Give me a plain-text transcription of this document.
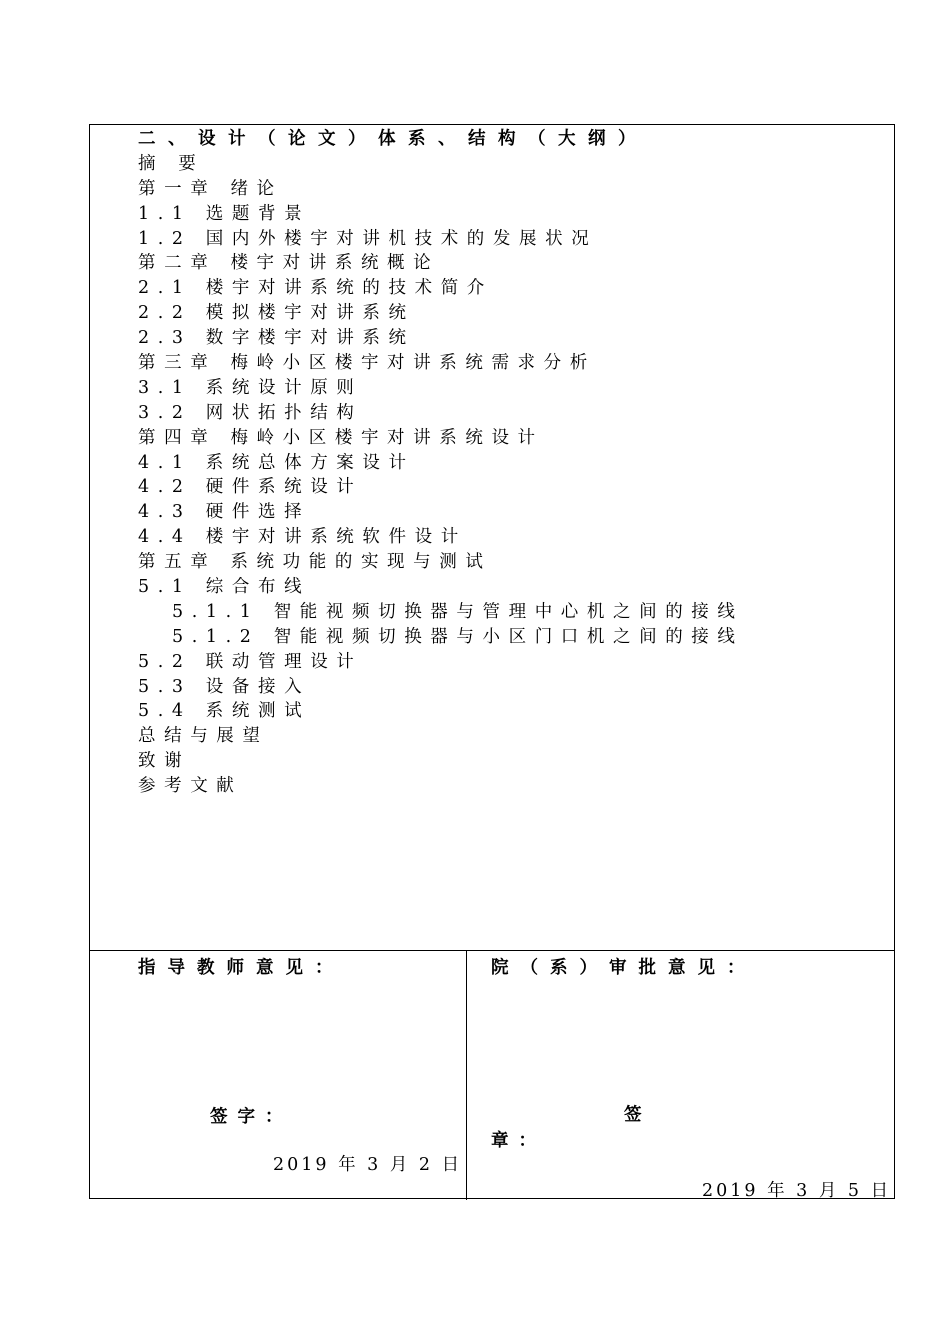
二、设计（论文）体系、结构（大纲）
摘 要
第一章 绪论
1.1 选题背景
1.2 国内外楼宇对讲机技术的发展状况
第二章 楼宇对讲系统概论
2.1 楼宇对讲系统的技术简介
2.2 模拟楼宇对讲系统
2.3 数字楼宇对讲系统
第三章 梅岭小区楼宇对讲系统需求分析
3.1 系统设计原则
3.2 网状拓扑结构
第四章 梅岭小区楼宇对讲系统设计
4.1 系统总体方案设计
4.2 硬件系统设计
4.3 硬件选择
4.4 楼宇对讲系统软件设计
第五章 系统功能的实现与测试
5.1 综合布线
5.1.1 智能视频切换器与管理中心机之间的接线
5.1.2 智能视频切换器与小区门口机之间的接线
5.2 联动管理设计
5.3 设备接入
5.4 系统测试
总结与展望
致谢
参考文献
指导教师意见：
签字：
2019 年 3 月 2 日
院（系）审批意见：
签
章：
2019 年 3 月 5 日
